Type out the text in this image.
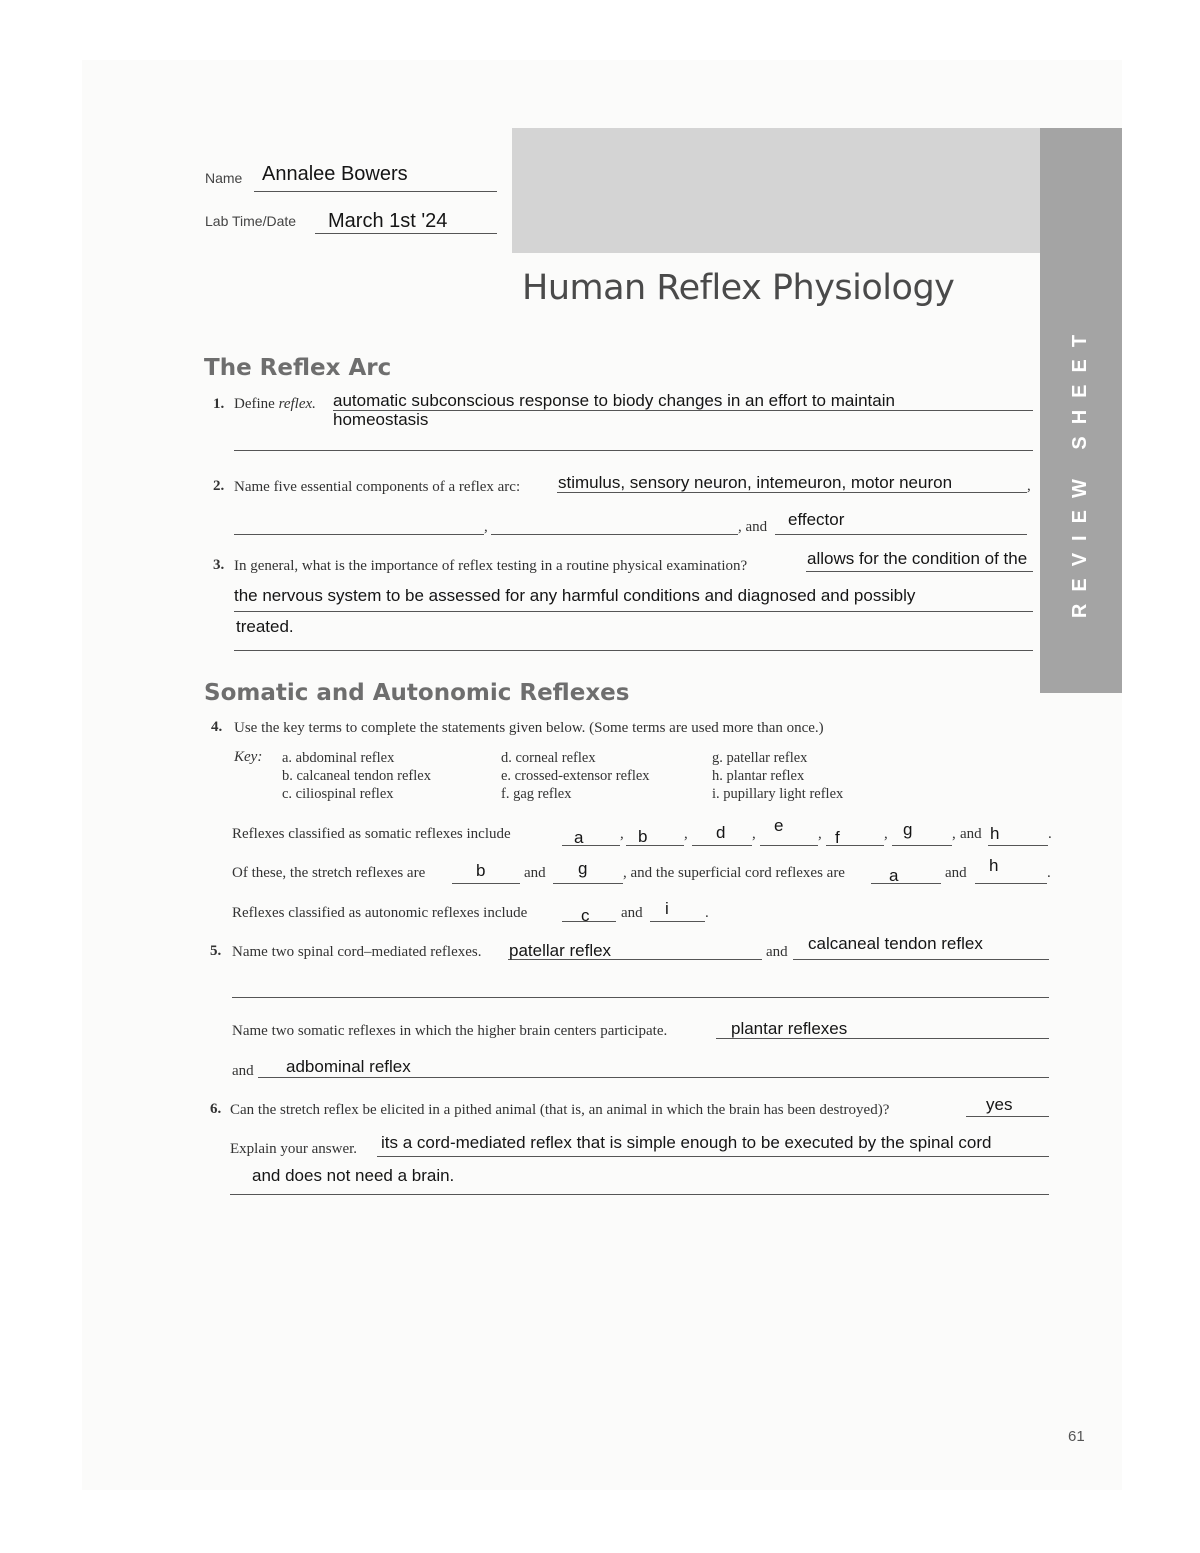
REVIEW SHEET
Name Annalee Bowers
Lab Time/Date March 1st '24
Human Reflex Physiology
The Reflex Arc
1. Define reflex. automatic subconscious response to biody changes in an effort to maintain
homeostasis
2. Name five essential components of a reflex arc: stimulus, sensory neuron, intemeuron, motor neuron	,
,	, and effector
3. In general, what is the importance of reflex testing in a routine physical examination?	allows for the condition of the
the nervous system to be assessed for any harmful conditions and diagnosed and possibly
treated.
Somatic and Autonomic Reflexes
4. Use the key terms to complete the statements given below. (Some terms are used more than once.)
Key: a. abdominal reflex
b. calcaneal tendon reflex
c. ciliospinal reflex
d. corneal reflex
e. crossed-extensor reflex
f. gag reflex
g. patellar reflex
h. plantar reflex
i. pupillary light reflex
Reflexes classified as somatic reflexes include	a , b , d , e , f	, g	, and h	.
Of these, the stretch reflexes are	b	and g , and the superficial cord reflexes are	a	and h	.
Reflexes classified as autonomic reflexes include	c and i .
5. Name two spinal cord–mediated reflexes. patellar reflex	and calcaneal tendon reflex
Name two somatic reflexes in which the higher brain centers participate.	plantar reflexes
and adbominal reflex
6. Can the stretch reflex be elicited in a pithed animal (that is, an animal in which the brain has been destroyed)?	yes
Explain your answer. its a cord-mediated reflex that is simple enough to be executed by the spinal cord
and does not need a brain.
61
